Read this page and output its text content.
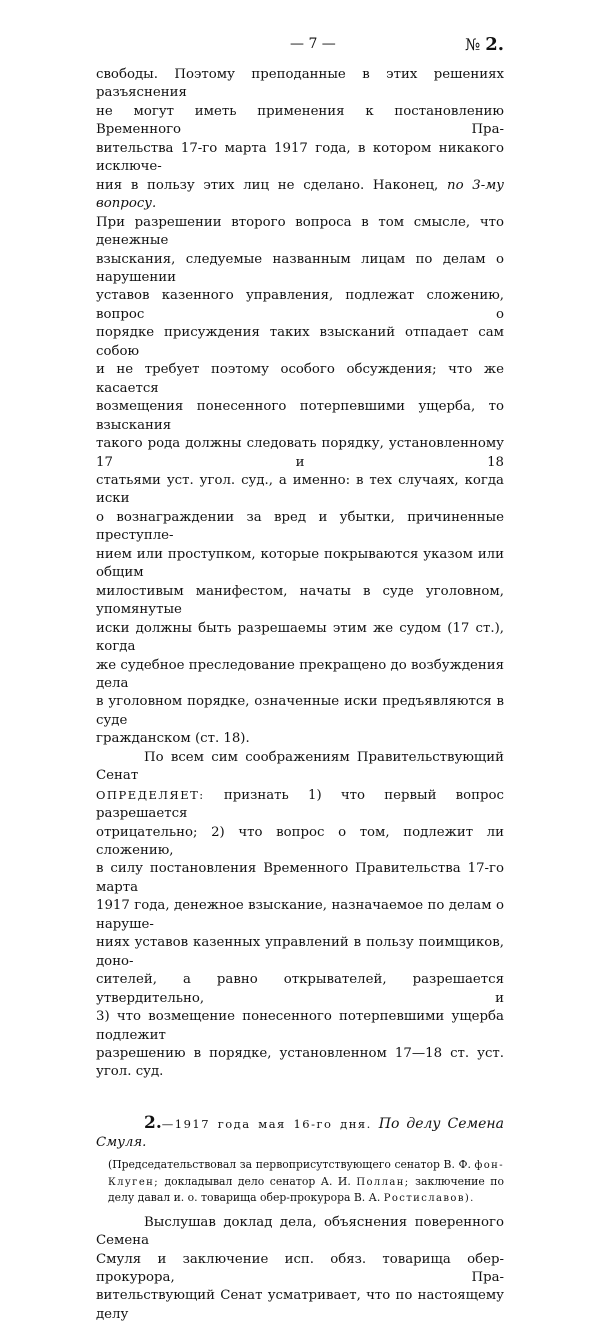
— 7 —	№ 2.

свободы. Поэтому преподанные в этих решениях разъяснения

не могут иметь применения к постановлению Временного Пра-

вительства 17-го марта 1917 года, в котором никакого исключе-

ния в пользу этих лиц не сделано. Наконец, по 3-му вопросу.

При разрешении второго вопроса в том смысле, что денежные

взыскания, следуемые названным лицам по делам о нарушении

уставов казенного управления, подлежат сложению, вопрос о

порядке присуждения таких взысканий отпадает сам собою

и не требует поэтому особого обсуждения; что же касается

возмещения понесенного потерпевшими ущерба, то взыскания

такого рода должны следовать порядку, установленному 17 и 18

статьями уст. угол. суд., а именно: в тех случаях, когда иски

о вознаграждении за вред и убытки, причиненные преступле-

нием или проступком, которые покрываются указом или общим

милостивым манифестом, начаты в суде уголовном, упомянутые

иски должны быть разрешаемы этим же судом (17 ст.), когда

же судебное преследование прекращено до возбуждения дела

в уголовном порядке, означенные иски предъявляются в суде

гражданском (ст. 18).

По всем сим соображениям Правительствующий Сенат

ОПРЕДЕЛЯЕТ: признать 1) что первый вопрос разрешается

отрицательно; 2) что вопрос о том, подлежит ли сложению,

в силу постановления Временного Правительства 17-го марта

1917 года, денежное взыскание, назначаемое по делам о наруше-

ниях уставов казенных управлений в пользу поимщиков, доно-

сителей, а равно открывателей, разрешается утвердительно, и

3) что возмещение понесенного потерпевшими ущерба подлежит

разрешению в порядке, установленном 17—18 ст. уст. угол. суд.

2.—1917 года мая 16-го дня. По делу Семена

Смуля.

(Председательствовал за первоприсутствующего сенатор В. Ф. фон-

Клуген; докладывал дело сенатор А. И. Поллан; заключение по

делу давал и. о. товарища обер-прокурора В. А. Ростиславов).

Выслушав доклад дела, объяснения поверенного Семена

Смуля и заключение исп. обяз. товарища обер-прокурора, Пра-

вительствующий Сенат усматривает, что по настоящему делу
